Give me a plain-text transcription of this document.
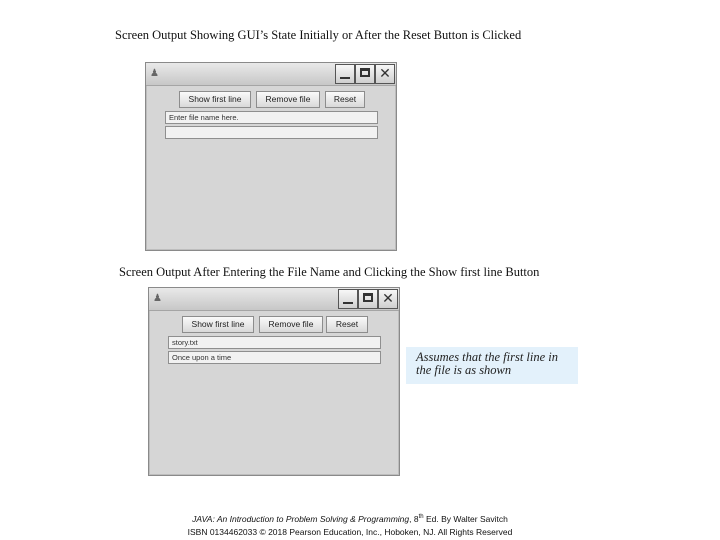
Screen Output Showing GUI’s State Initially or After the Reset Button is Clicked
♟	✕
Show first line	Remove file	Reset
Enter file name here.
Screen Output After Entering the File Name and Clicking the Show first line Button
♟	✕
Show first line	Remove file	Reset
story.txt
Once upon a time	Assumes that the first line in
the file is as shown
JAVA: An Introduction to Problem Solving & Programming, 8th Ed. By Walter Savitch
ISBN 0134462033 © 2018 Pearson Education, Inc., Hoboken, NJ. All Rights Reserved
